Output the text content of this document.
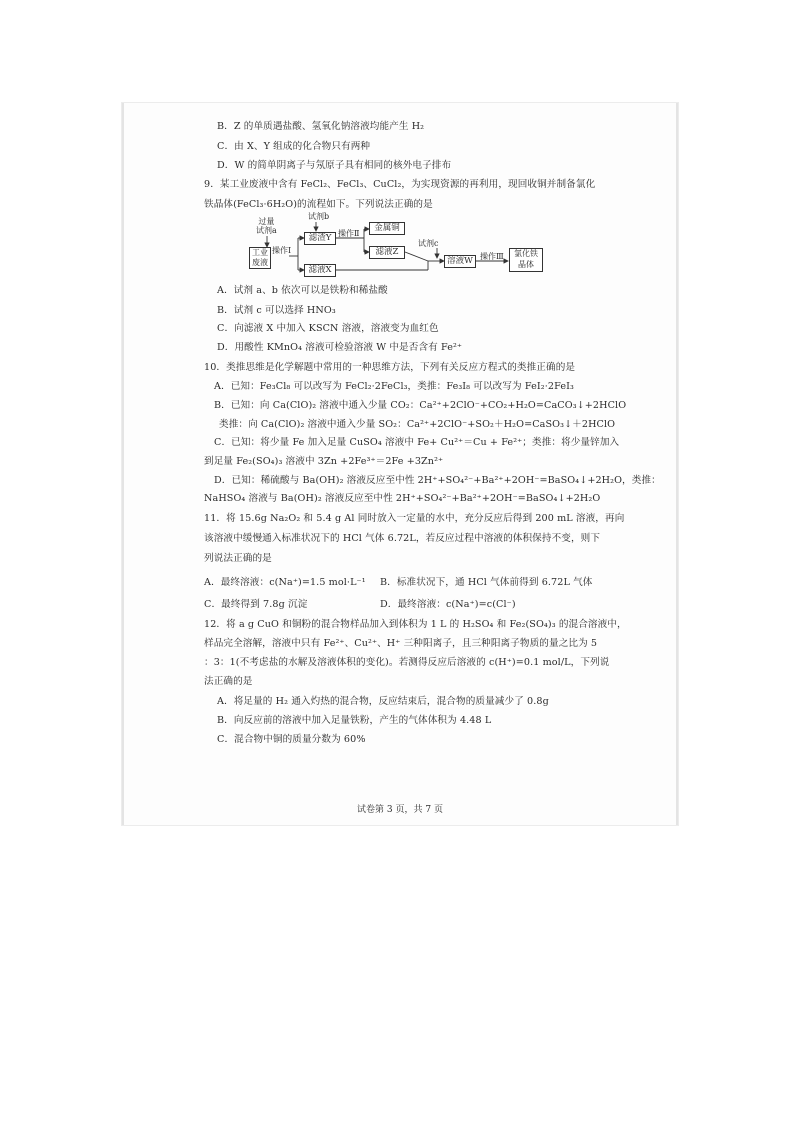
B．Z 的单质遇盐酸、氢氧化钠溶液均能产生 H₂
C．由 X、Y 组成的化合物只有两种
D．W 的简单阴离子与氖原子具有相同的核外电子排布
9．某工业废液中含有 FeCl₂、FeCl₃、CuCl₂，为实现资源的再利用，现回收铜并制备氯化
铁晶体(FeCl₃·6H₂O)的流程如下。下列说法正确的是
过量
试剂a
试剂b
试剂c
工业
废液
操作Ⅰ
滤渣Y
滤液X
操作Ⅱ
金属铜
滤液Z
溶液W 操作Ⅲ	氯化铁
晶体
A．试剂 a、b 依次可以是铁粉和稀盐酸
B．试剂 c 可以选择 HNO₃
C．向滤液 X 中加入 KSCN 溶液，溶液变为血红色
D．用酸性 KMnO₄ 溶液可检验溶液 W 中是否含有 Fe²⁺
10．类推思维是化学解题中常用的一种思维方法，下列有关反应方程式的类推正确的是
A．已知：Fe₃Cl₈ 可以改写为 FeCl₂·2FeCl₃，类推：Fe₃I₈ 可以改写为 FeI₂·2FeI₃
B．已知：向 Ca(ClO)₂ 溶液中通入少量 CO₂：Ca²⁺+2ClO⁻+CO₂+H₂O=CaCO₃↓+2HClO
类推：向 Ca(ClO)₂ 溶液中通入少量 SO₂：Ca²⁺+2ClO⁻+SO₂＋H₂O=CaSO₃↓＋2HClO
C．已知：将少量 Fe 加入足量 CuSO₄ 溶液中 Fe+ Cu²⁺＝Cu + Fe²⁺；类推：将少量锌加入
到足量 Fe₂(SO₄)₃ 溶液中 3Zn +2Fe³⁺＝2Fe +3Zn²⁺
D．已知：稀硫酸与 Ba(OH)₂ 溶液反应至中性 2H⁺+SO₄²⁻+Ba²⁺+2OH⁻=BaSO₄↓+2H₂O，类推：
NaHSO₄ 溶液与 Ba(OH)₂ 溶液反应至中性 2H⁺+SO₄²⁻+Ba²⁺+2OH⁻=BaSO₄↓+2H₂O
11．将 15.6g Na₂O₂ 和 5.4 g Al 同时放入一定量的水中，充分反应后得到 200 mL 溶液，再向
该溶液中缓慢通入标准状况下的 HCl 气体 6.72L，若反应过程中溶液的体积保持不变，则下
列说法正确的是
A．最终溶液：c(Na⁺)=1.5 mol·L⁻¹ B．标准状况下，通 HCl 气体前得到 6.72L 气体
C．最终得到 7.8g 沉淀	D．最终溶液：c(Na⁺)=c(Cl⁻)
12．将 a g CuO 和铜粉的混合物样品加入到体积为 1 L 的 H₂SO₄ 和 Fe₂(SO₄)₃ 的混合溶液中，
样品完全溶解，溶液中只有 Fe²⁺、Cu²⁺、H⁺ 三种阳离子，且三种阳离子物质的量之比为 5
：3：1(不考虑盐的水解及溶液体积的变化)。若测得反应后溶液的 c(H⁺)=0.1 mol/L，下列说
法正确的是
A．将足量的 H₂ 通入灼热的混合物，反应结束后，混合物的质量减少了 0.8g
B．向反应前的溶液中加入足量铁粉，产生的气体体积为 4.48 L
C．混合物中铜的质量分数为 60%
试卷第 3 页，共 7 页
